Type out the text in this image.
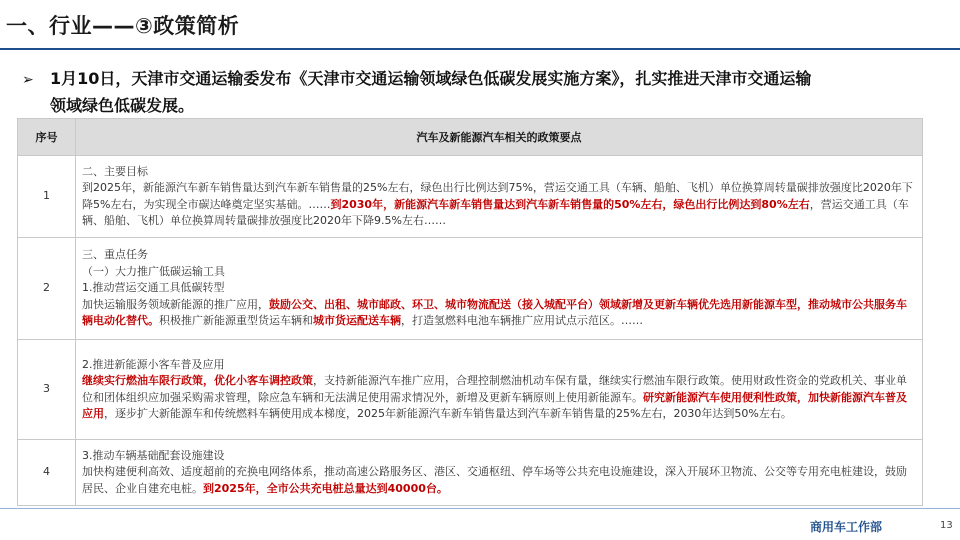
一、行业——③政策简析
➢ 1月10日，天津市交通运输委发布《天津市交通运输领域绿色低碳发展实施方案》，扎实推进天津市交通运输
领域绿色低碳发展。
序号	汽车及新能源汽车相关的政策要点
1	二、主要目标

到2025年，新能源汽车新车销售量达到汽车新车销售量的25%左右，绿色出行比例达到75%，营运交通工具（车辆、船舶、飞机）单位换算周转量碳排放强度比2020年下降5%左右，为实现全市碳达峰奠定坚实基础。……到2030年，新能源汽车新车销售量达到汽车新车销售量的50%左右，绿色出行比例达到80%左右，营运交通工具（车辆、船舶、飞机）单位换算周转量碳排放强度比2020年下降9.5%左右……

2	三、重点任务

（一）大力推广低碳运输工具

1.推动营运交通工具低碳转型

加快运输服务领域新能源的推广应用，鼓励公交、出租、城市邮政、环卫、城市物流配送（接入城配平台）领域新增及更新车辆优先选用新能源车型，推动城市公共服务车辆电动化替代。积极推广新能源重型货运车辆和城市货运配送车辆，打造氢燃料电池车辆推广应用试点示范区。……

3	2.推进新能源小客车普及应用

继续实行燃油车限行政策，优化小客车调控政策，支持新能源汽车推广应用，合理控制燃油机动车保有量，继续实行燃油车限行政策。使用财政性资金的党政机关、事业单位和团体组织应加强采购需求管理，除应急车辆和无法满足使用需求情况外，新增及更新车辆原则上使用新能源车。研究新能源汽车使用便利性政策，加快新能源汽车普及应用，逐步扩大新能源车和传统燃料车辆使用成本梯度，2025年新能源汽车新车销售量达到汽车新车销售量的25%左右，2030年达到50%左右。

4	3.推动车辆基础配套设施建设

加快构建便利高效、适度超前的充换电网络体系，推动高速公路服务区、港区、交通枢纽、停车场等公共充电设施建设，深入开展环卫物流、公交等专用充电桩建设，鼓励居民、企业自建充电桩。到2025年，全市公共充电桩总量达到40000台。

商用车工作部	13
